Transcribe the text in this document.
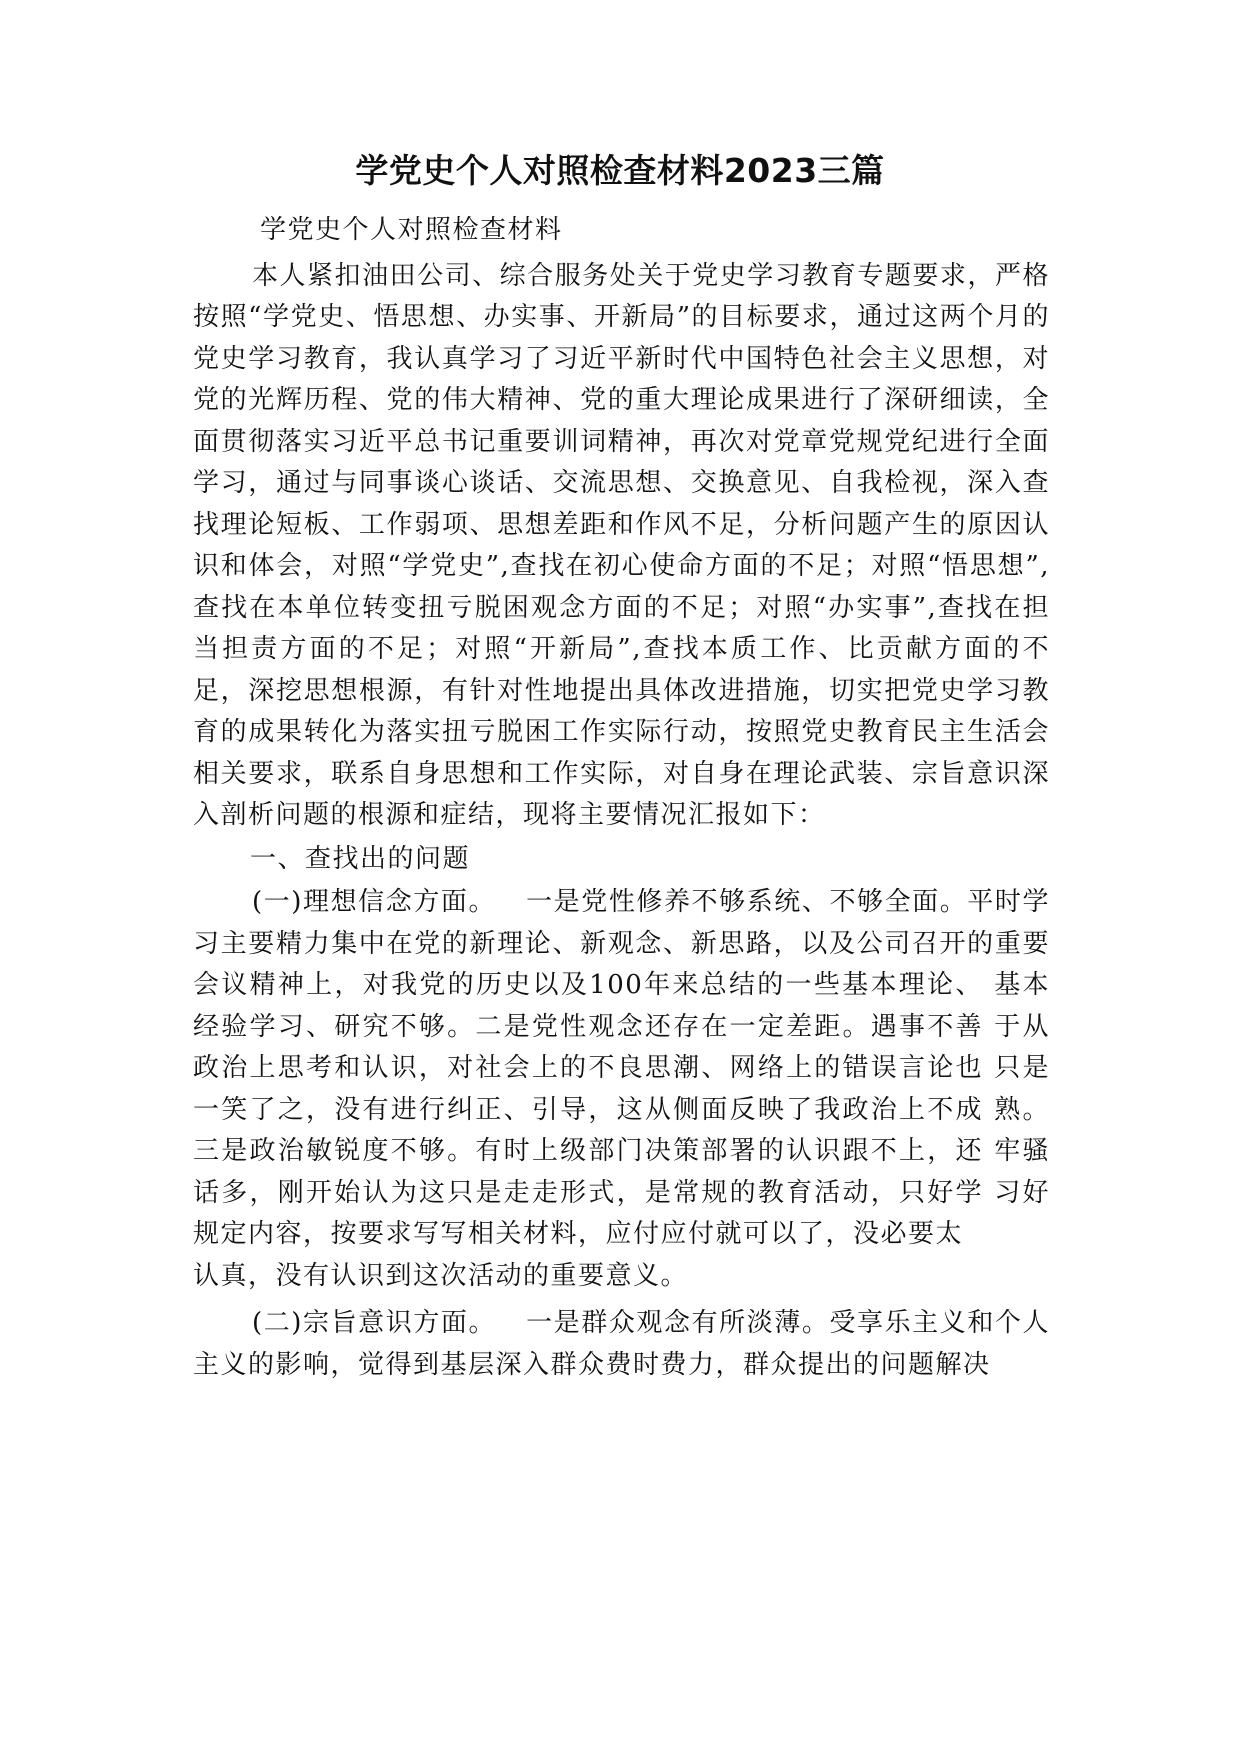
学党史个人对照检查材料2023三篇

学党史个人对照检查材料

本人紧扣油田公司、综合服务处关于党史学习教育专题要求，严格按照“学党史、悟思想、办实事、开新局”的目标要求，通过这两个月的党史学习教育，我认真学习了习近平新时代中国特色社会主义思想，对党的光辉历程、党的伟大精神、党的重大理论成果进行了深研细读，全面贯彻落实习近平总书记重要训词精神，再次对党章党规党纪进行全面学习，通过与同事谈心谈话、交流思想、交换意见、自我检视，深入查找理论短板、工作弱项、思想差距和作风不足，分析问题产生的原因认识和体会，对照“学党史”,查找在初心使命方面的不足；对照“悟思想”,查找在本单位转变扭亏脱困观念方面的不足；对照“办实事”,查找在担当担责方面的不足；对照“开新局”,查找本质工作、比贡献方面的不足，深挖思想根源，有针对性地提出具体改进措施，切实把党史学习教育的成果转化为落实扭亏脱困工作实际行动，按照党史教育民主生活会相关要求，联系自身思想和工作实际，对自身在理论武装、宗旨意识深入剖析问题的根源和症结，现将主要情况汇报如下：

一、查找出的问题

(一)理想信念方面。 一是党性修养不够系统、不够全面。平时学习主要精力集中在党的新理论、新观念、新思路，以及公司召开的重要会议精神上，对我党的历史以及100年来总结的一些基本理论、 基本经验学习、研究不够。二是党性观念还存在一定差距。遇事不善 于从政治上思考和认识，对社会上的不良思潮、网络上的错误言论也 只是一笑了之，没有进行纠正、引导，这从侧面反映了我政治上不成 熟。三是政治敏锐度不够。有时上级部门决策部署的认识跟不上，还 牢骚话多，刚开始认为这只是走走形式，是常规的教育活动，只好学 习好规定内容，按要求写写相关材料，应付应付就可以了，没必要太

认真，没有认识到这次活动的重要意义。

(二)宗旨意识方面。 一是群众观念有所淡薄。受享乐主义和个人主义的影响，觉得到基层深入群众费时费力，群众提出的问题解决
